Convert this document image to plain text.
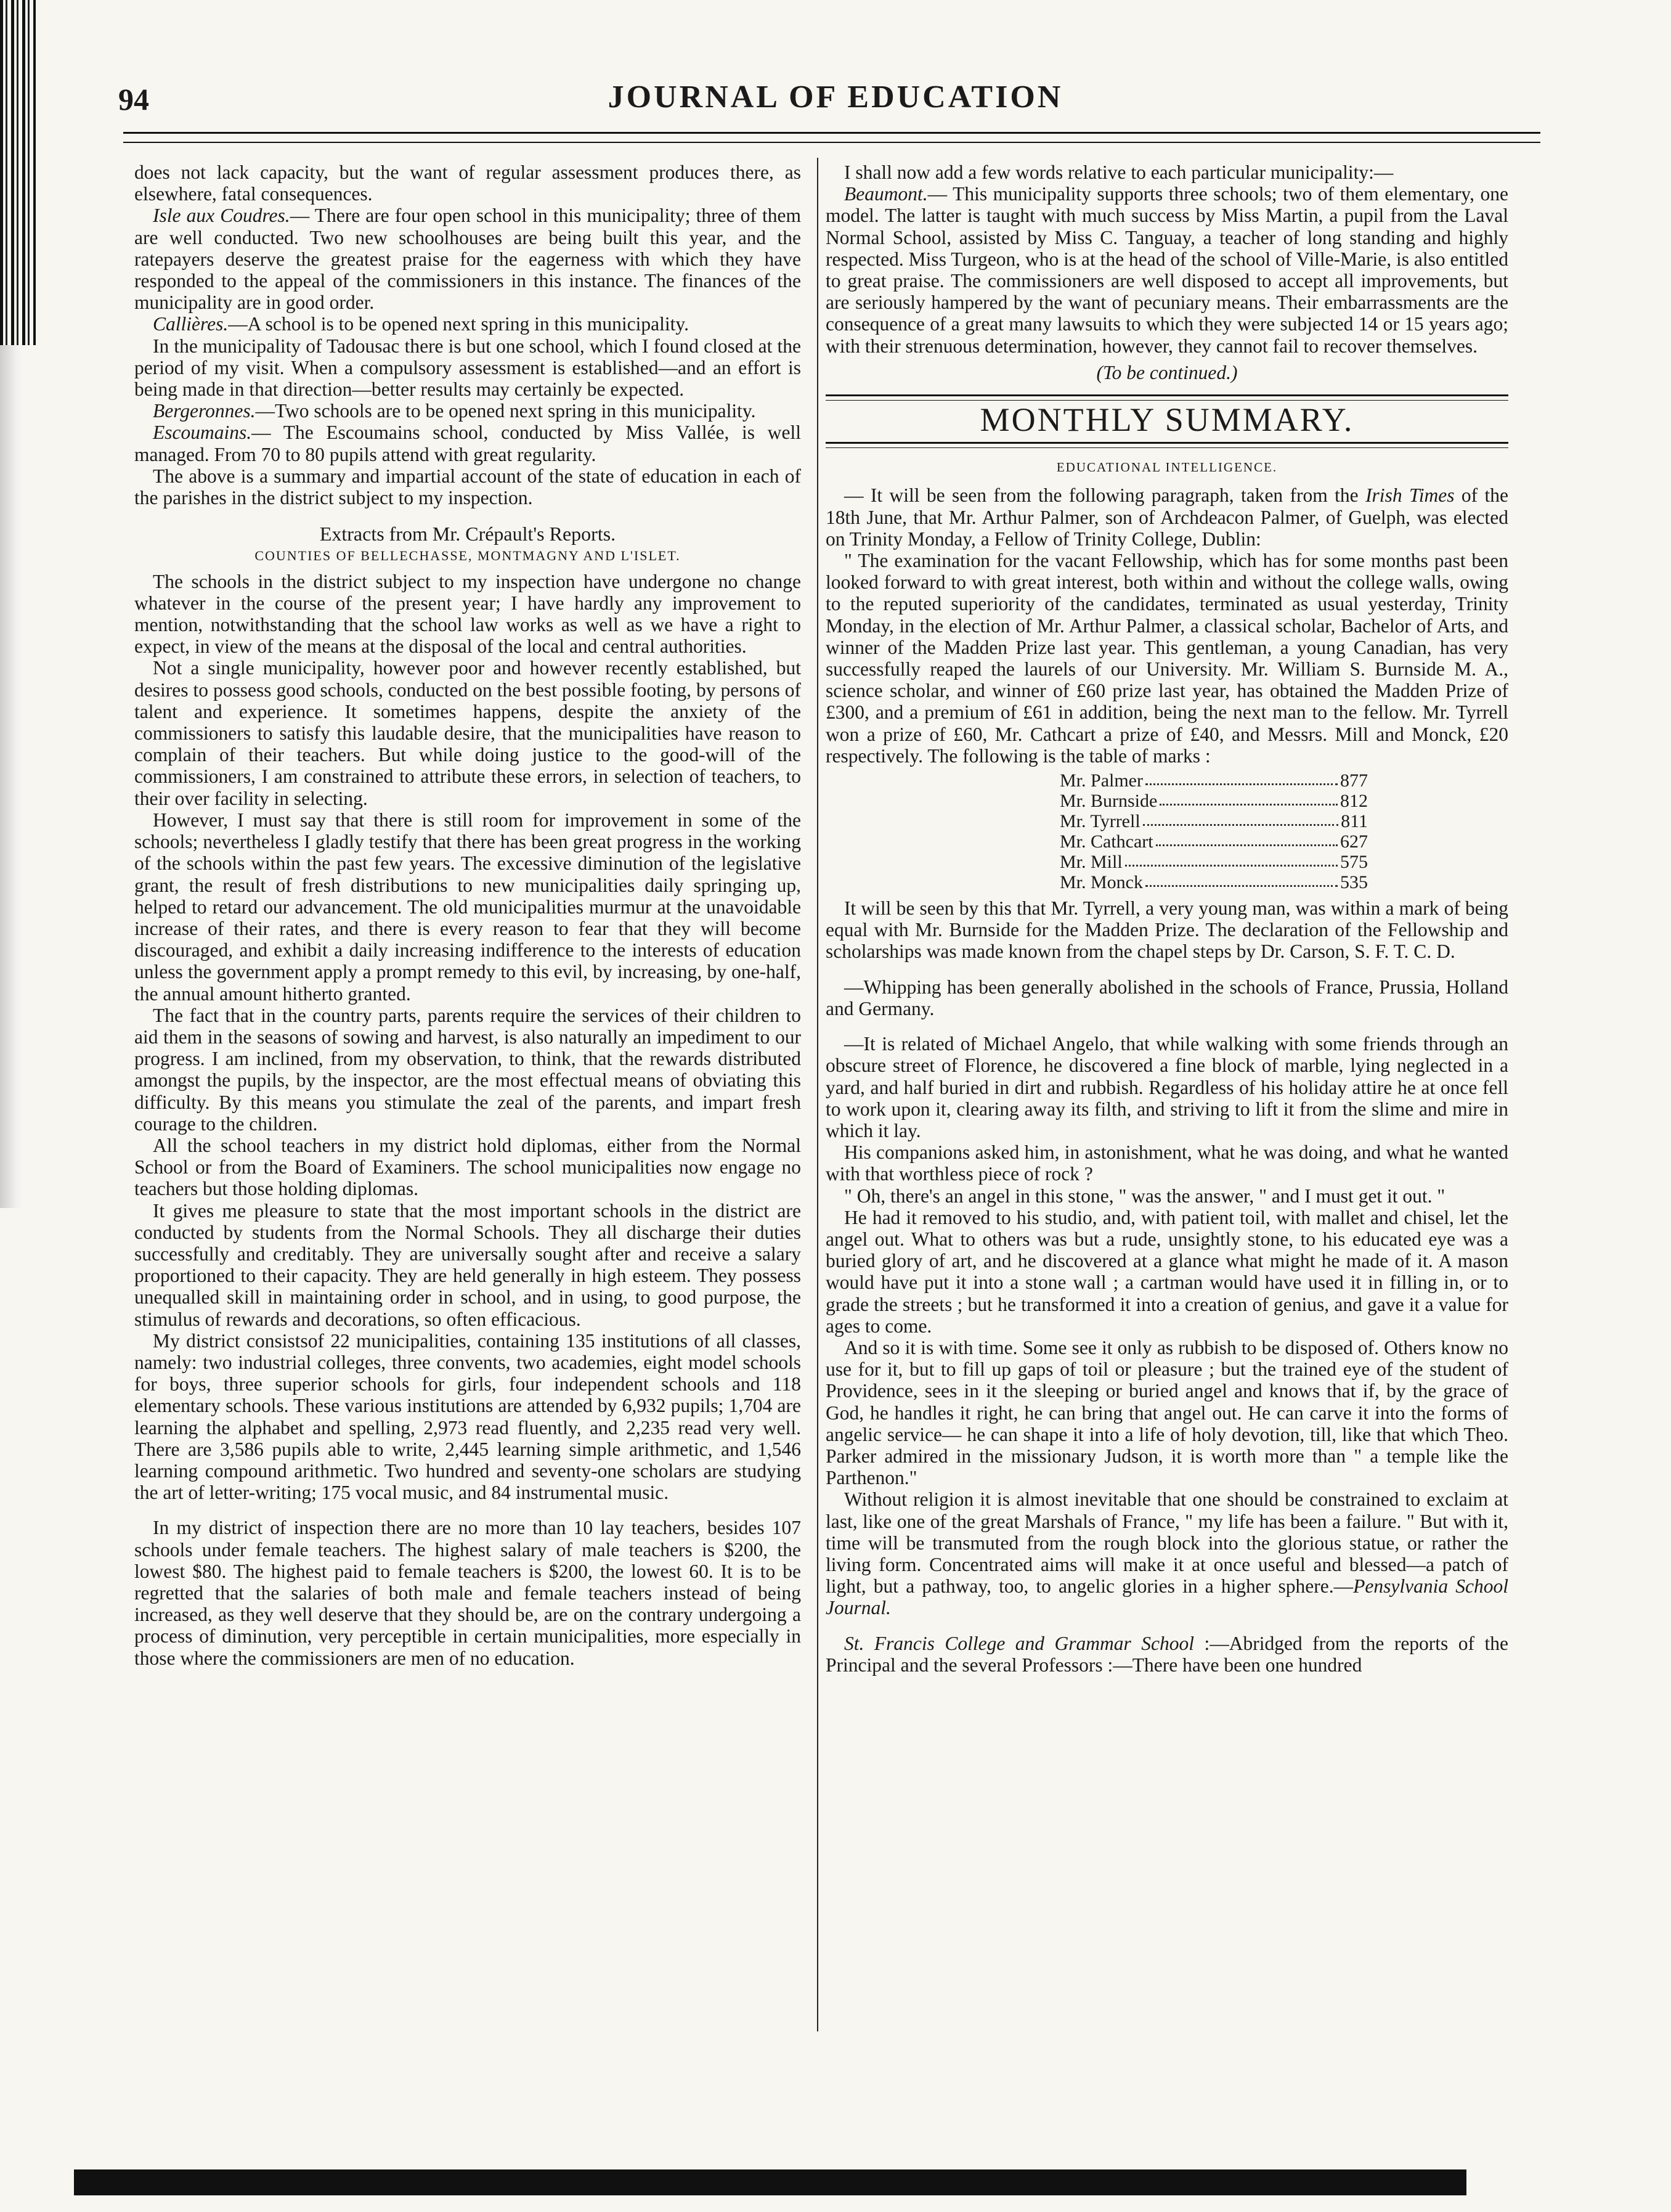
94	JOURNAL OF EDUCATION

does not lack capacity, but the want of regular assessment produces there, as elsewhere, fatal consequences.

Isle aux Coudres.— There are four open school in this municipality; three of them are well conducted. Two new schoolhouses are being built this year, and the ratepayers deserve the greatest praise for the eagerness with which they have responded to the appeal of the commissioners in this instance. The finances of the municipality are in good order.

Callières.—A school is to be opened next spring in this municipality.

In the municipality of Tadousac there is but one school, which I found closed at the period of my visit. When a compulsory assessment is established—and an effort is being made in that direction—better results may certainly be expected.

Bergeronnes.—Two schools are to be opened next spring in this municipality.

Escoumains.— The Escoumains school, conducted by Miss Vallée, is well managed. From 70 to 80 pupils attend with great regularity.

The above is a summary and impartial account of the state of education in each of the parishes in the district subject to my inspection.

Extracts from Mr. Crépault's Reports.
COUNTIES OF BELLECHASSE, MONTMAGNY AND L'ISLET.

The schools in the district subject to my inspection have undergone no change whatever in the course of the present year; I have hardly any improvement to mention, notwithstanding that the school law works as well as we have a right to expect, in view of the means at the disposal of the local and central authorities.

Not a single municipality, however poor and however recently established, but desires to possess good schools, conducted on the best possible footing, by persons of talent and experience. It sometimes happens, despite the anxiety of the commissioners to satisfy this laudable desire, that the municipalities have reason to complain of their teachers. But while doing justice to the good-will of the commissioners, I am constrained to attribute these errors, in selection of teachers, to their over facility in selecting.

However, I must say that there is still room for improvement in some of the schools; nevertheless I gladly testify that there has been great progress in the working of the schools within the past few years. The excessive diminution of the legislative grant, the result of fresh distributions to new municipalities daily springing up, helped to retard our advancement. The old municipalities murmur at the unavoidable increase of their rates, and there is every reason to fear that they will become discouraged, and exhibit a daily increasing indifference to the interests of education unless the government apply a prompt remedy to this evil, by increasing, by one-half, the annual amount hitherto granted.

The fact that in the country parts, parents require the services of their children to aid them in the seasons of sowing and harvest, is also naturally an impediment to our progress. I am inclined, from my observation, to think, that the rewards distributed amongst the pupils, by the inspector, are the most effectual means of obviating this difficulty. By this means you stimulate the zeal of the parents, and impart fresh courage to the children.

All the school teachers in my district hold diplomas, either from the Normal School or from the Board of Examiners. The school municipalities now engage no teachers but those holding diplomas.

It gives me pleasure to state that the most important schools in the district are conducted by students from the Normal Schools. They all discharge their duties successfully and creditably. They are universally sought after and receive a salary proportioned to their capacity. They are held generally in high esteem. They possess unequalled skill in maintaining order in school, and in using, to good purpose, the stimulus of rewards and decorations, so often efficacious.

My district consistsof 22 municipalities, containing 135 institutions of all classes, namely: two industrial colleges, three convents, two academies, eight model schools for boys, three superior schools for girls, four independent schools and 118 elementary schools. These various institutions are attended by 6,932 pupils; 1,704 are learning the alphabet and spelling, 2,973 read fluently, and 2,235 read very well. There are 3,586 pupils able to write, 2,445 learning simple arithmetic, and 1,546 learning compound arithmetic. Two hundred and seventy-one scholars are studying the art of letter-writing; 175 vocal music, and 84 instrumental music.

In my district of inspection there are no more than 10 lay teachers, besides 107 schools under female teachers. The highest salary of male teachers is $200, the lowest $80. The highest paid to female teachers is $200, the lowest 60. It is to be regretted that the salaries of both male and female teachers instead of being increased, as they well deserve that they should be, are on the contrary undergoing a process of diminution, very perceptible in certain municipalities, more especially in those where the commissioners are men of no education.

I shall now add a few words relative to each particular municipality:—

Beaumont.— This municipality supports three schools; two of them elementary, one model. The latter is taught with much success by Miss Martin, a pupil from the Laval Normal School, assisted by Miss C. Tanguay, a teacher of long standing and highly respected. Miss Turgeon, who is at the head of the school of Ville-Marie, is also entitled to great praise. The commissioners are well disposed to accept all improvements, but are seriously hampered by the want of pecuniary means. Their embarrassments are the consequence of a great many lawsuits to which they were subjected 14 or 15 years ago; with their strenuous determination, however, they cannot fail to recover themselves.

(To be continued.)

MONTHLY SUMMARY.
EDUCATIONAL INTELLIGENCE.

— It will be seen from the following paragraph, taken from the Irish Times of the 18th June, that Mr. Arthur Palmer, son of Archdeacon Palmer, of Guelph, was elected on Trinity Monday, a Fellow of Trinity College, Dublin:

" The examination for the vacant Fellowship, which has for some months past been looked forward to with great interest, both within and without the college walls, owing to the reputed superiority of the candidates, terminated as usual yesterday, Trinity Monday, in the election of Mr. Arthur Palmer, a classical scholar, Bachelor of Arts, and winner of the Madden Prize last year. This gentleman, a young Canadian, has very successfully reaped the laurels of our University. Mr. William S. Burnside M. A., science scholar, and winner of £60 prize last year, has obtained the Madden Prize of £300, and a premium of £61 in addition, being the next man to the fellow. Mr. Tyrrell won a prize of £60, Mr. Cathcart a prize of £40, and Messrs. Mill and Monck, £20 respectively. The following is the table of marks :

Mr. Palmer	877
Mr. Burnside	812
Mr. Tyrrell	811
Mr. Cathcart	627
Mr. Mill	575
Mr. Monck	535

It will be seen by this that Mr. Tyrrell, a very young man, was within a mark of being equal with Mr. Burnside for the Madden Prize. The declaration of the Fellowship and scholarships was made known from the chapel steps by Dr. Carson, S. F. T. C. D.

—Whipping has been generally abolished in the schools of France, Prussia, Holland and Germany.

—It is related of Michael Angelo, that while walking with some friends through an obscure street of Florence, he discovered a fine block of marble, lying neglected in a yard, and half buried in dirt and rubbish. Regardless of his holiday attire he at once fell to work upon it, clearing away its filth, and striving to lift it from the slime and mire in which it lay.

His companions asked him, in astonishment, what he was doing, and what he wanted with that worthless piece of rock ?

" Oh, there's an angel in this stone, " was the answer, " and I must get it out. "

He had it removed to his studio, and, with patient toil, with mallet and chisel, let the angel out. What to others was but a rude, unsightly stone, to his educated eye was a buried glory of art, and he discovered at a glance what might he made of it. A mason would have put it into a stone wall ; a cartman would have used it in filling in, or to grade the streets ; but he transformed it into a creation of genius, and gave it a value for ages to come.

And so it is with time. Some see it only as rubbish to be disposed of. Others know no use for it, but to fill up gaps of toil or pleasure ; but the trained eye of the student of Providence, sees in it the sleeping or buried angel and knows that if, by the grace of God, he handles it right, he can bring that angel out. He can carve it into the forms of angelic service— he can shape it into a life of holy devotion, till, like that which Theo. Parker admired in the missionary Judson, it is worth more than " a temple like the Parthenon."

Without religion it is almost inevitable that one should be constrained to exclaim at last, like one of the great Marshals of France, " my life has been a failure. " But with it, time will be transmuted from the rough block into the glorious statue, or rather the living form. Concentrated aims will make it at once useful and blessed—a patch of light, but a pathway, too, to angelic glories in a higher sphere.—Pensylvania School Journal.

St. Francis College and Grammar School :—Abridged from the reports of the Principal and the several Professors :—There have been one hundred
